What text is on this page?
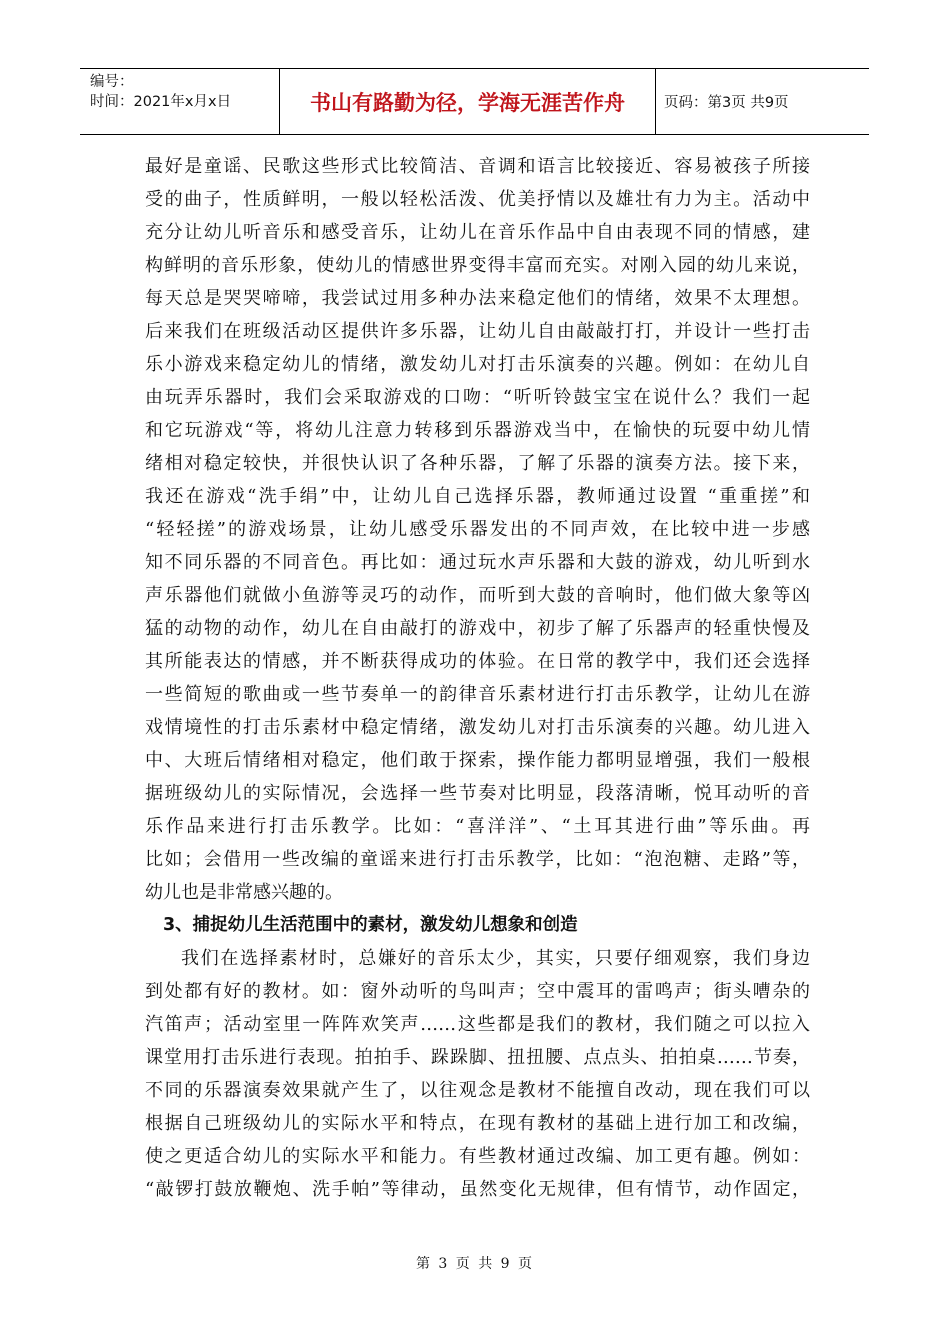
编号：
时间：2021年x月x日	书山有路勤为径，学海无涯苦作舟	页码：第3页 共9页
最好是童谣、民歌这些形式比较简洁、音调和语言比较接近、容易被孩子所接
受的曲子，性质鲜明，一般以轻松活泼、优美抒情以及雄壮有力为主。活动中
充分让幼儿听音乐和感受音乐，让幼儿在音乐作品中自由表现不同的情感，建
构鲜明的音乐形象，使幼儿的情感世界变得丰富而充实。对刚入园的幼儿来说，
每天总是哭哭啼啼，我尝试过用多种办法来稳定他们的情绪，效果不太理想。
后来我们在班级活动区提供许多乐器，让幼儿自由敲敲打打，并设计一些打击
乐小游戏来稳定幼儿的情绪，激发幼儿对打击乐演奏的兴趣。例如：在幼儿自
由玩弄乐器时，我们会采取游戏的口吻：“听听铃鼓宝宝在说什么？我们一起
和它玩游戏“等，将幼儿注意力转移到乐器游戏当中，在愉快的玩耍中幼儿情
绪相对稳定较快，并很快认识了各种乐器，了解了乐器的演奏方法。接下来，
我还在游戏“洗手绢”中，让幼儿自己选择乐器，教师通过设置 “重重搓”和
“轻轻搓”的游戏场景，让幼儿感受乐器发出的不同声效，在比较中进一步感
知不同乐器的不同音色。再比如：通过玩水声乐器和大鼓的游戏，幼儿听到水
声乐器他们就做小鱼游等灵巧的动作，而听到大鼓的音响时，他们做大象等凶
猛的动物的动作，幼儿在自由敲打的游戏中，初步了解了乐器声的轻重快慢及
其所能表达的情感，并不断获得成功的体验。在日常的教学中，我们还会选择
一些简短的歌曲或一些节奏单一的韵律音乐素材进行打击乐教学，让幼儿在游
戏情境性的打击乐素材中稳定情绪，激发幼儿对打击乐演奏的兴趣。幼儿进入
中、大班后情绪相对稳定，他们敢于探索，操作能力都明显增强，我们一般根
据班级幼儿的实际情况，会选择一些节奏对比明显，段落清晰，悦耳动听的音
乐作品来进行打击乐教学。比如：“喜洋洋”、“土耳其进行曲”等乐曲。再
比如；会借用一些改编的童谣来进行打击乐教学，比如：“泡泡糖、走路”等，
幼儿也是非常感兴趣的。
3、捕捉幼儿生活范围中的素材，激发幼儿想象和创造
我们在选择素材时，总嫌好的音乐太少，其实，只要仔细观察，我们身边
到处都有好的教材。如：窗外动听的鸟叫声；空中震耳的雷鸣声；街头嘈杂的
汽笛声；活动室里一阵阵欢笑声……这些都是我们的教材，我们随之可以拉入
课堂用打击乐进行表现。拍拍手、跺跺脚、扭扭腰、点点头、拍拍桌……节奏，
不同的乐器演奏效果就产生了，以往观念是教材不能擅自改动，现在我们可以
根据自己班级幼儿的实际水平和特点，在现有教材的基础上进行加工和改编，
使之更适合幼儿的实际水平和能力。有些教材通过改编、加工更有趣。例如：
“敲锣打鼓放鞭炮、洗手帕”等律动，虽然变化无规律，但有情节，动作固定，
第 3 页 共 9 页
